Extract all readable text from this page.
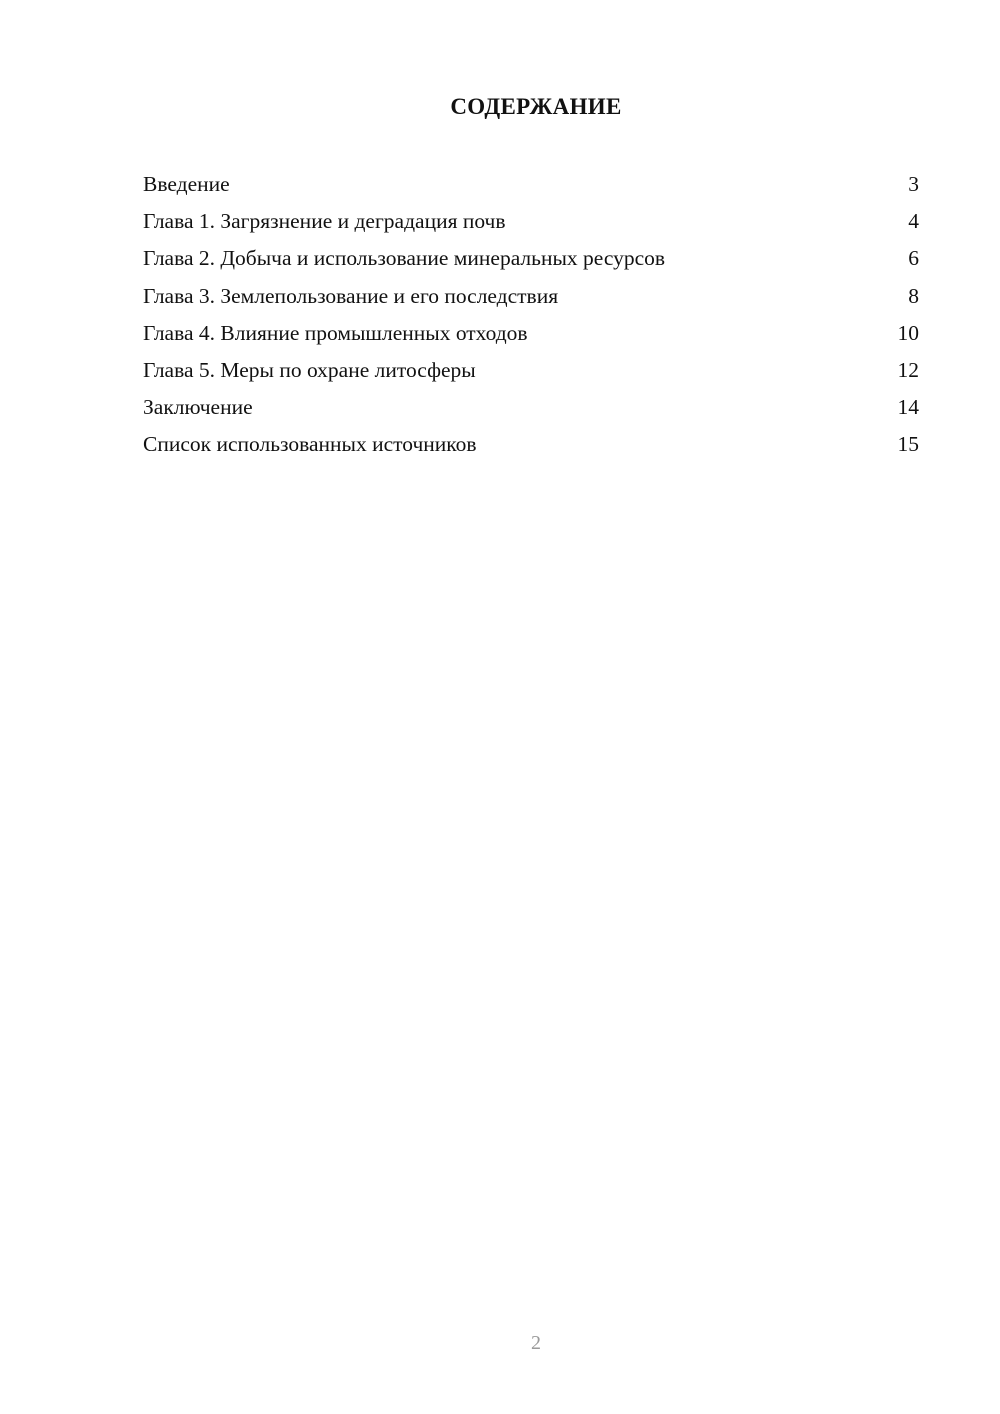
СОДЕРЖАНИЕ
Введение	3
Глава 1. Загрязнение и деградация почв	4
Глава 2. Добыча и использование минеральных ресурсов	6
Глава 3. Землепользование и его последствия	8
Глава 4. Влияние промышленных отходов	10
Глава 5. Меры по охране литосферы	12
Заключение	14
Список использованных источников	15
2
